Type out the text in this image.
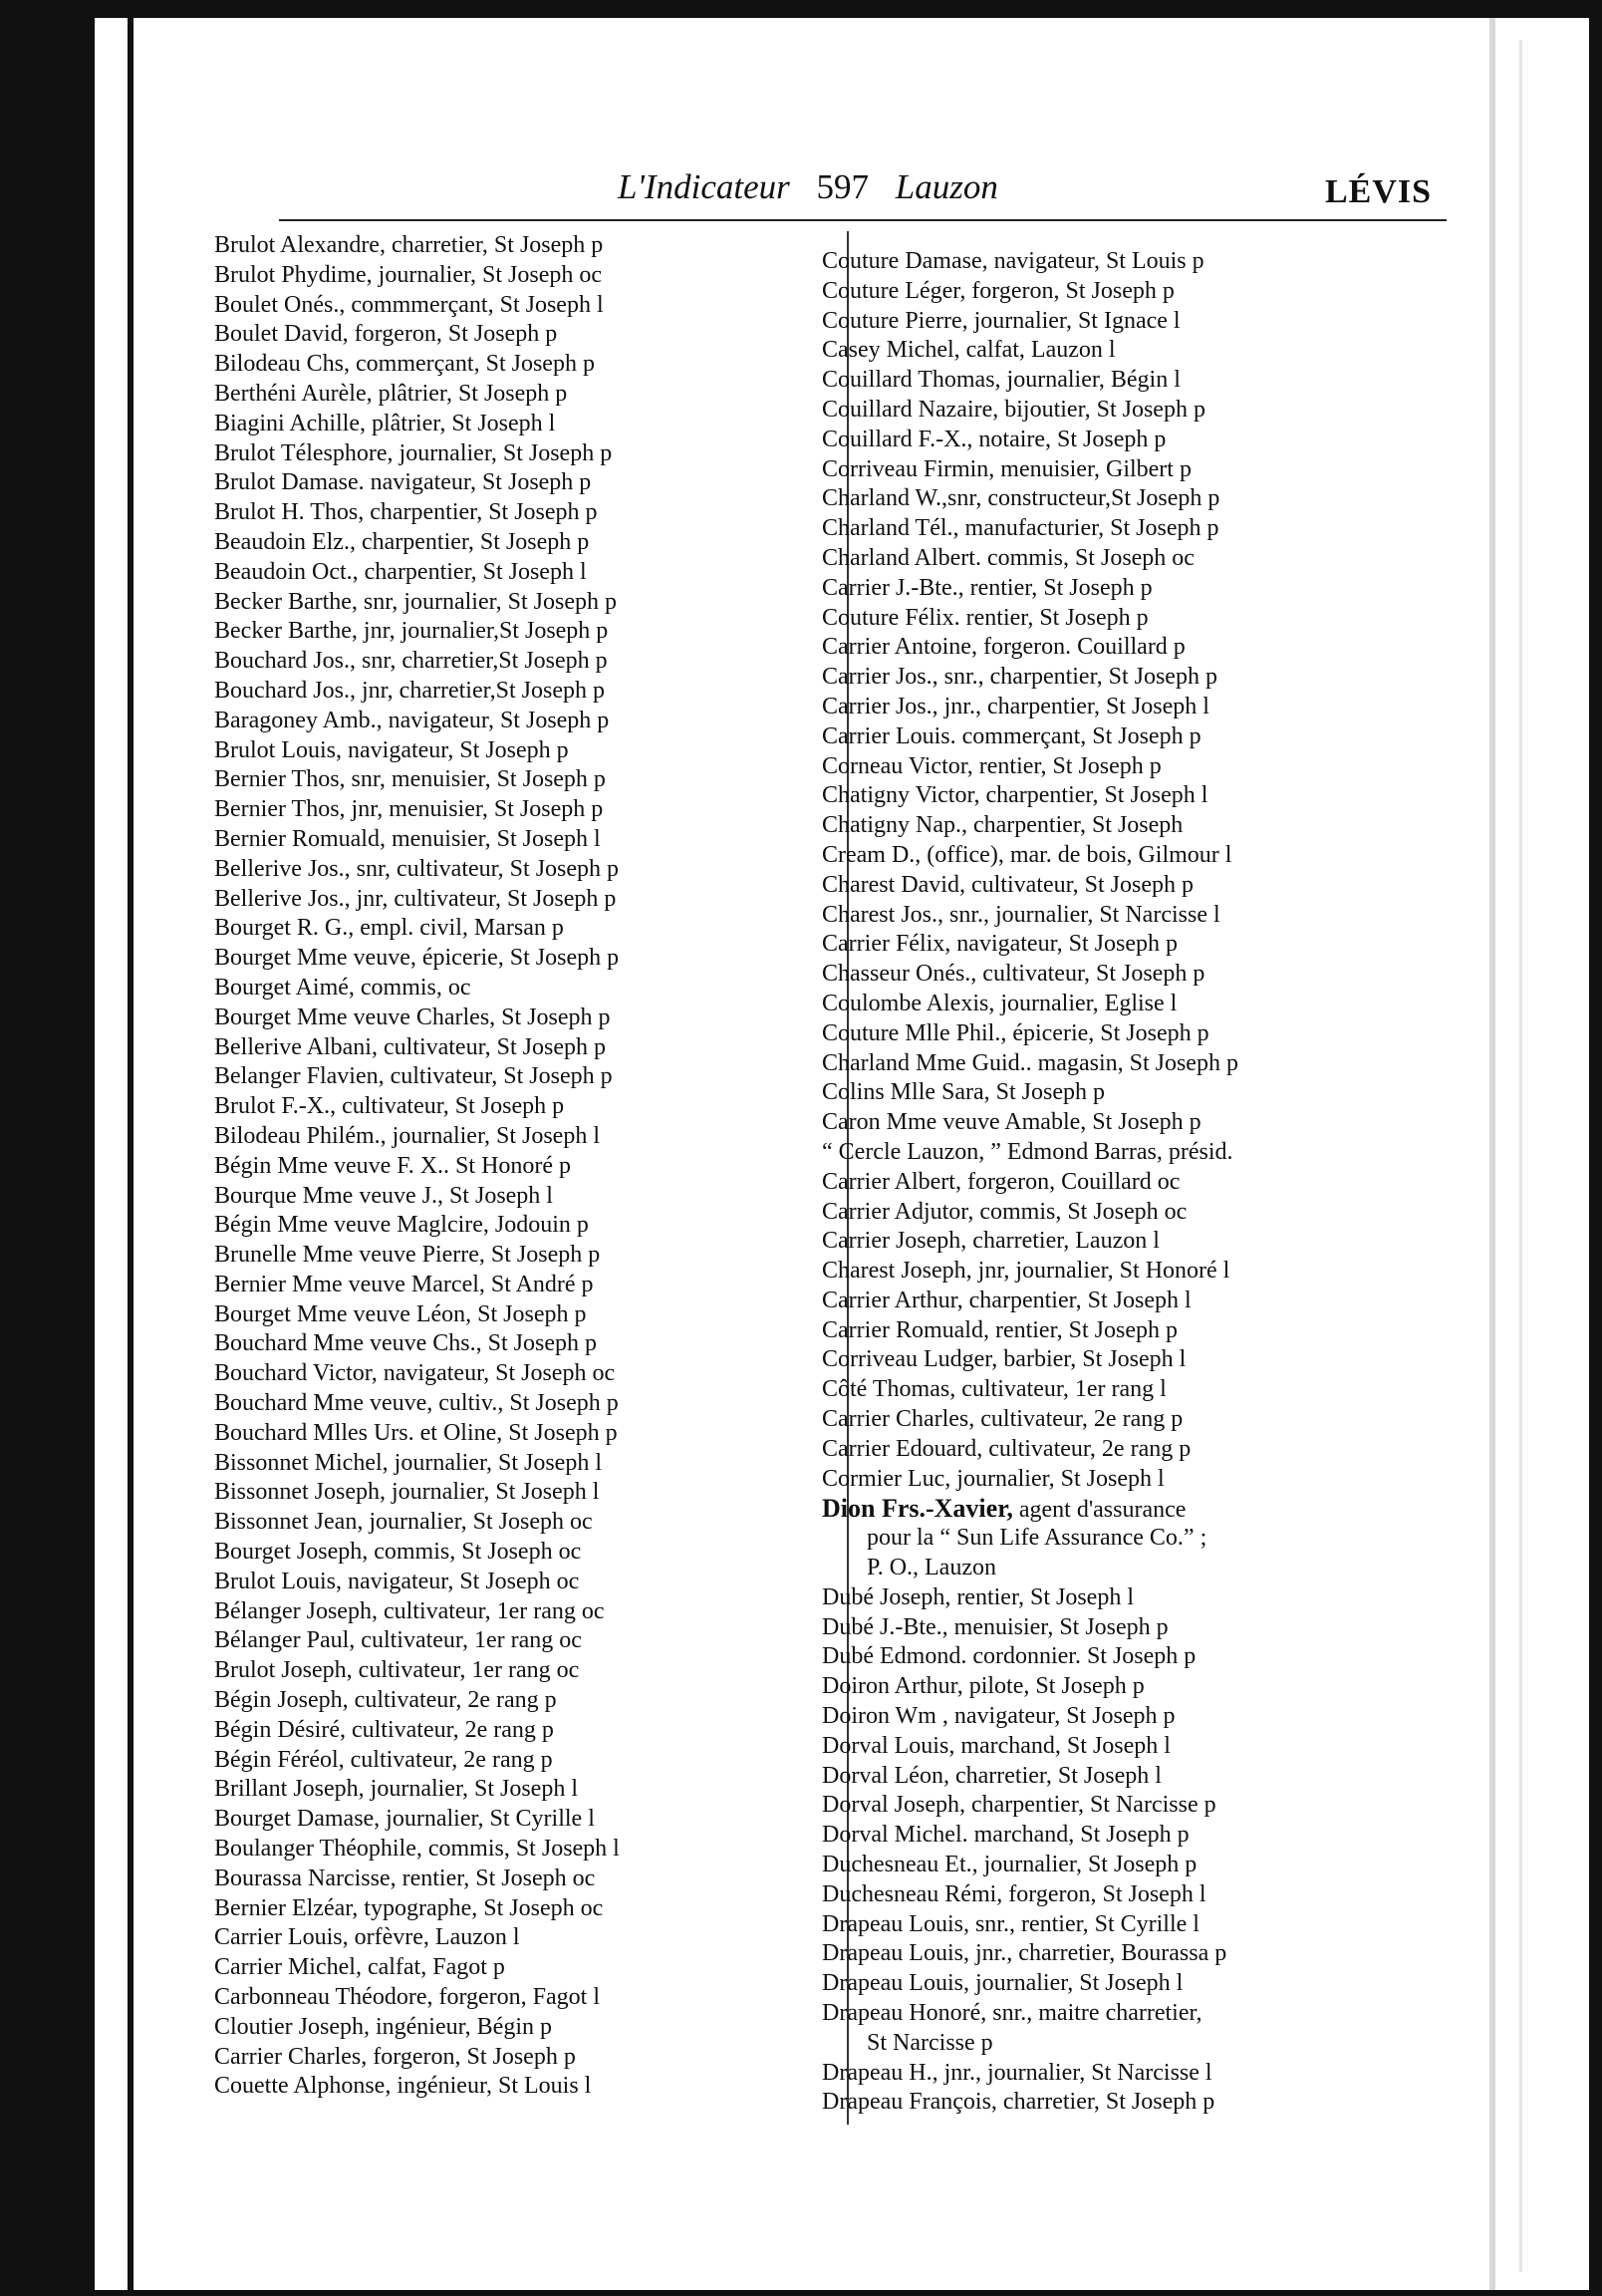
L'Indicateur 597 Lauzon	LÉVIS
Brulot Alexandre, charretier, St Joseph p
Brulot Phydime, journalier, St Joseph oc
Boulet Onés., commmerçant, St Joseph l
Boulet David, forgeron, St Joseph p
Bilodeau Chs, commerçant, St Joseph p
Berthéni Aurèle, plâtrier, St Joseph p
Biagini Achille, plâtrier, St Joseph l
Brulot Télesphore, journalier, St Joseph p
Brulot Damase. navigateur, St Joseph p
Brulot H. Thos, charpentier, St Joseph p
Beaudoin Elz., charpentier, St Joseph p
Beaudoin Oct., charpentier, St Joseph l
Becker Barthe, snr, journalier, St Joseph p
Becker Barthe, jnr, journalier,St Joseph p
Bouchard Jos., snr, charretier,St Joseph p
Bouchard Jos., jnr, charretier,St Joseph p
Baragoney Amb., navigateur, St Joseph p
Brulot Louis, navigateur, St Joseph p
Bernier Thos, snr, menuisier, St Joseph p
Bernier Thos, jnr, menuisier, St Joseph p
Bernier Romuald, menuisier, St Joseph l
Bellerive Jos., snr, cultivateur, St Joseph p
Bellerive Jos., jnr, cultivateur, St Joseph p
Bourget R. G., empl. civil, Marsan p
Bourget Mme veuve, épicerie, St Joseph p
Bourget Aimé, commis, oc
Bourget Mme veuve Charles, St Joseph p
Bellerive Albani, cultivateur, St Joseph p
Belanger Flavien, cultivateur, St Joseph p
Brulot F.-X., cultivateur, St Joseph p
Bilodeau Philém., journalier, St Joseph l
Bégin Mme veuve F. X.. St Honoré p
Bourque Mme veuve J., St Joseph l
Bégin Mme veuve Maglcire, Jodouin p
Brunelle Mme veuve Pierre, St Joseph p
Bernier Mme veuve Marcel, St André p
Bourget Mme veuve Léon, St Joseph p
Bouchard Mme veuve Chs., St Joseph p
Bouchard Victor, navigateur, St Joseph oc
Bouchard Mme veuve, cultiv., St Joseph p
Bouchard Mlles Urs. et Oline, St Joseph p
Bissonnet Michel, journalier, St Joseph l
Bissonnet Joseph, journalier, St Joseph l
Bissonnet Jean, journalier, St Joseph oc
Bourget Joseph, commis, St Joseph oc
Brulot Louis, navigateur, St Joseph oc
Bélanger Joseph, cultivateur, 1er rang oc
Bélanger Paul, cultivateur, 1er rang oc
Brulot Joseph, cultivateur, 1er rang oc
Bégin Joseph, cultivateur, 2e rang p
Bégin Désiré, cultivateur, 2e rang p
Bégin Féréol, cultivateur, 2e rang p
Brillant Joseph, journalier, St Joseph l
Bourget Damase, journalier, St Cyrille l
Boulanger Théophile, commis, St Joseph l
Bourassa Narcisse, rentier, St Joseph oc
Bernier Elzéar, typographe, St Joseph oc
Carrier Louis, orfèvre, Lauzon l
Carrier Michel, calfat, Fagot p
Carbonneau Théodore, forgeron, Fagot l
Cloutier Joseph, ingénieur, Bégin p
Carrier Charles, forgeron, St Joseph p
Couette Alphonse, ingénieur, St Louis l
Couture Damase, navigateur, St Louis p
Couture Léger, forgeron, St Joseph p
Couture Pierre, journalier, St Ignace l
Casey Michel, calfat, Lauzon l
Couillard Thomas, journalier, Bégin l
Couillard Nazaire, bijoutier, St Joseph p
Couillard F.-X., notaire, St Joseph p
Corriveau Firmin, menuisier, Gilbert p
Charland W.,snr, constructeur,St Joseph p
Charland Tél., manufacturier, St Joseph p
Charland Albert. commis, St Joseph oc
Carrier J.-Bte., rentier, St Joseph p
Couture Félix. rentier, St Joseph p
Carrier Antoine, forgeron. Couillard p
Carrier Jos., snr., charpentier, St Joseph p
Carrier Jos., jnr., charpentier, St Joseph l
Carrier Louis. commerçant, St Joseph p
Corneau Victor, rentier, St Joseph p
Chatigny Victor, charpentier, St Joseph l
Chatigny Nap., charpentier, St Joseph
Cream D., (office), mar. de bois, Gilmour l
Charest David, cultivateur, St Joseph p
Charest Jos., snr., journalier, St Narcisse l
Carrier Félix, navigateur, St Joseph p
Chasseur Onés., cultivateur, St Joseph p
Coulombe Alexis, journalier, Eglise l
Couture Mlle Phil., épicerie, St Joseph p
Charland Mme Guid.. magasin, St Joseph p
Colins Mlle Sara, St Joseph p
Caron Mme veuve Amable, St Joseph p
“ Cercle Lauzon, ” Edmond Barras, présid.
Carrier Albert, forgeron, Couillard oc
Carrier Adjutor, commis, St Joseph oc
Carrier Joseph, charretier, Lauzon l
Charest Joseph, jnr, journalier, St Honoré l
Carrier Arthur, charpentier, St Joseph l
Carrier Romuald, rentier, St Joseph p
Corriveau Ludger, barbier, St Joseph l
Côté Thomas, cultivateur, 1er rang l
Carrier Charles, cultivateur, 2e rang p
Carrier Edouard, cultivateur, 2e rang p
Cormier Luc, journalier, St Joseph l
Dion Frs.-Xavier, agent d'assurance
pour la “ Sun Life Assurance Co.” ;
P. O., Lauzon
Dubé Joseph, rentier, St Joseph l
Dubé J.-Bte., menuisier, St Joseph p
Dubé Edmond. cordonnier. St Joseph p
Doiron Arthur, pilote, St Joseph p
Doiron Wm , navigateur, St Joseph p
Dorval Louis, marchand, St Joseph l
Dorval Léon, charretier, St Joseph l
Dorval Joseph, charpentier, St Narcisse p
Dorval Michel. marchand, St Joseph p
Duchesneau Et., journalier, St Joseph p
Duchesneau Rémi, forgeron, St Joseph l
Drapeau Louis, snr., rentier, St Cyrille l
Drapeau Louis, jnr., charretier, Bourassa p
Drapeau Louis, journalier, St Joseph l
Drapeau Honoré, snr., maitre charretier,
St Narcisse p
Drapeau H., jnr., journalier, St Narcisse l
Drapeau François, charretier, St Joseph p
